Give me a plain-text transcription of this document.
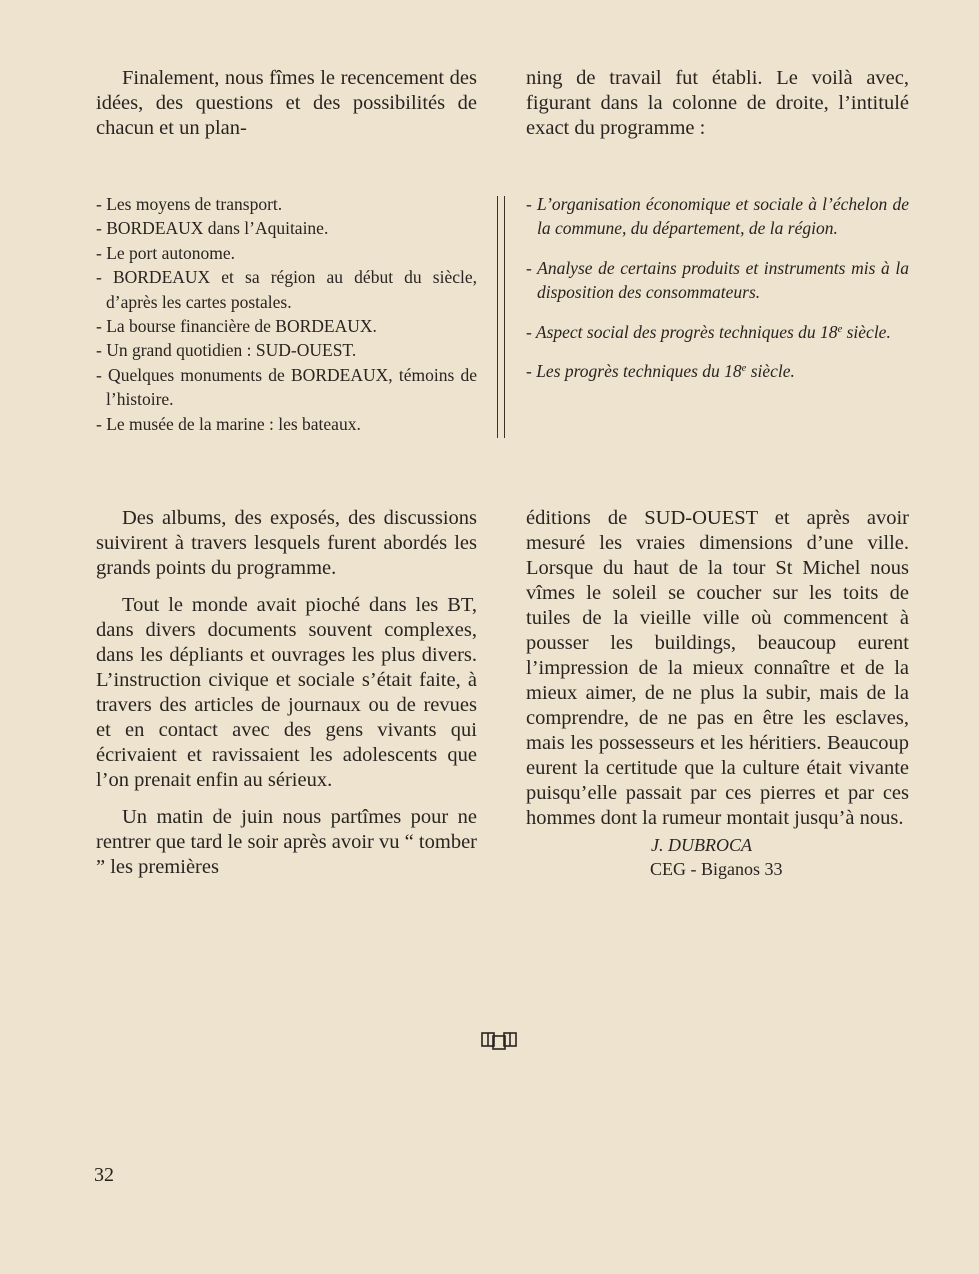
Finalement, nous fîmes le recencement des idées, des questions et des possibilités de chacun et un plan-

ning de travail fut établi. Le voilà avec, figurant dans la colonne de droite, l’intitulé exact du programme :

- Les moyens de transport.
- BORDEAUX dans l’Aquitaine.
- Le port autonome.
- BORDEAUX et sa région au début du siècle, d’après les cartes postales.
- La bourse financière de BORDEAUX.
- Un grand quotidien : SUD-OUEST.
- Quelques monuments de BORDEAUX, témoins de l’histoire.
- Le musée de la marine : les bateaux.
- L’organisation économique et sociale à l’échelon de la commune, du département, de la région.
- Analyse de certains produits et instruments mis à la disposition des consommateurs.
- Aspect social des progrès techniques du 18e siècle.
- Les progrès techniques du 18e siècle.

Des albums, des exposés, des discussions suivirent à travers lesquels furent abordés les grands points du programme.

Tout le monde avait pioché dans les BT, dans divers documents souvent complexes, dans les dépliants et ouvrages les plus divers. L’instruction civique et sociale s’était faite, à travers des articles de journaux ou de revues et en contact avec des gens vivants qui écrivaient et ravissaient les adolescents que l’on prenait enfin au sérieux.

Un matin de juin nous partîmes pour ne rentrer que tard le soir après avoir vu “ tomber ” les premières

éditions de SUD-OUEST et après avoir mesuré les vraies dimensions d’une ville. Lorsque du haut de la tour St Michel nous vîmes le soleil se coucher sur les toits de tuiles de la vieille ville où commencent à pousser les buildings, beaucoup eurent l’impression de la mieux connaître et de la mieux aimer, de ne plus la subir, mais de la comprendre, de ne pas en être les esclaves, mais les possesseurs et les héritiers. Beaucoup eurent la certitude que la culture était vivante puisqu’elle passait par ces pierres et par ces hommes dont la rumeur montait jusqu’à nous.

J. DUBROCA
CEG - Biganos 33
32
